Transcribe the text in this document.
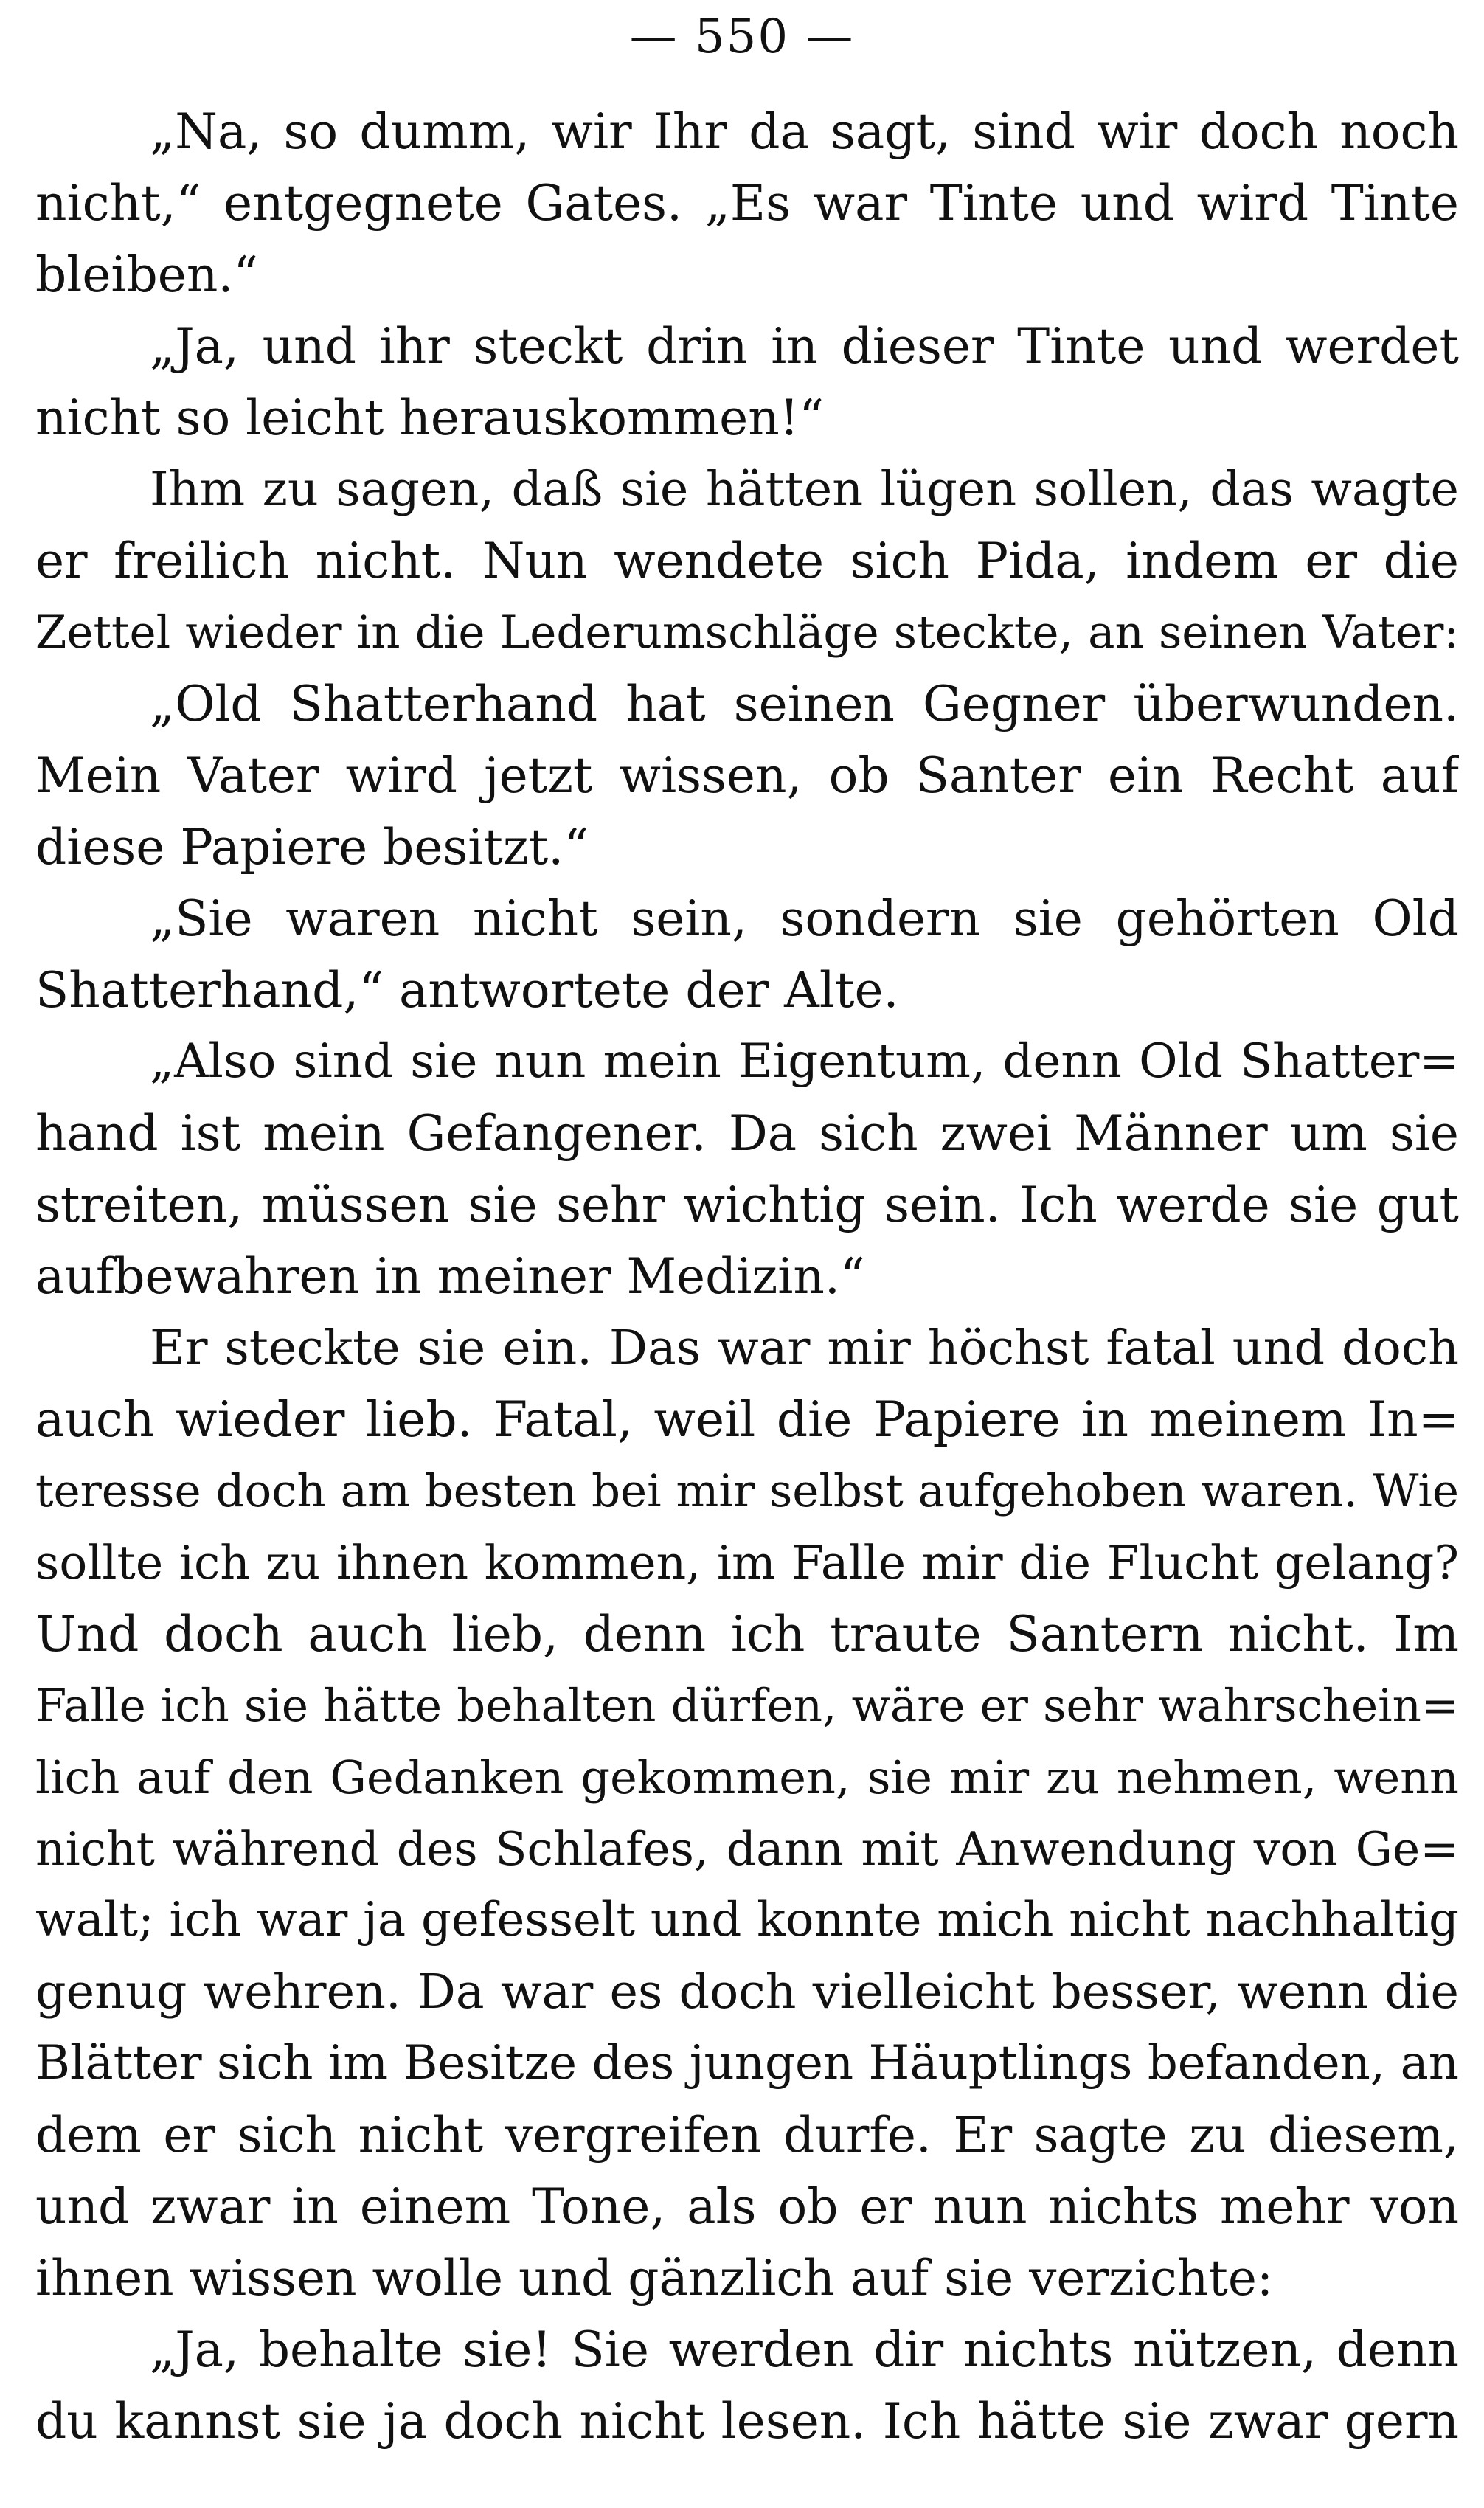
— 550 —
„Na, so dumm, wir Ihr da sagt, sind wir doch noch
nicht,“ entgegnete Gates. „Es war Tinte und wird Tinte
bleiben.“
„Ja, und ihr steckt drin in dieser Tinte und werdet
nicht so leicht herauskommen!“
Ihm zu sagen, daß sie hätten lügen sollen, das wagte
er freilich nicht. Nun wendete sich Pida, indem er die
Zettel wieder in die Lederumschläge steckte, an seinen Vater:
„Old Shatterhand hat seinen Gegner überwunden.
Mein Vater wird jetzt wissen, ob Santer ein Recht auf
diese Papiere besitzt.“
„Sie waren nicht sein, sondern sie gehörten Old
Shatterhand,“ antwortete der Alte.
„Also sind sie nun mein Eigentum, denn Old Shatter=
hand ist mein Gefangener. Da sich zwei Männer um sie
streiten, müssen sie sehr wichtig sein. Ich werde sie gut
aufbewahren in meiner Medizin.“
Er steckte sie ein. Das war mir höchst fatal und doch
auch wieder lieb. Fatal, weil die Papiere in meinem In=
teresse doch am besten bei mir selbst aufgehoben waren. Wie
sollte ich zu ihnen kommen, im Falle mir die Flucht gelang?
Und doch auch lieb, denn ich traute Santern nicht. Im
Falle ich sie hätte behalten dürfen, wäre er sehr wahrschein=
lich auf den Gedanken gekommen, sie mir zu nehmen, wenn
nicht während des Schlafes, dann mit Anwendung von Ge=
walt; ich war ja gefesselt und konnte mich nicht nachhaltig
genug wehren. Da war es doch vielleicht besser, wenn die
Blätter sich im Besitze des jungen Häuptlings befanden, an
dem er sich nicht vergreifen durfe. Er sagte zu diesem,
und zwar in einem Tone, als ob er nun nichts mehr von
ihnen wissen wolle und gänzlich auf sie verzichte:
„Ja, behalte sie! Sie werden dir nichts nützen, denn
du kannst sie ja doch nicht lesen. Ich hätte sie zwar gern
